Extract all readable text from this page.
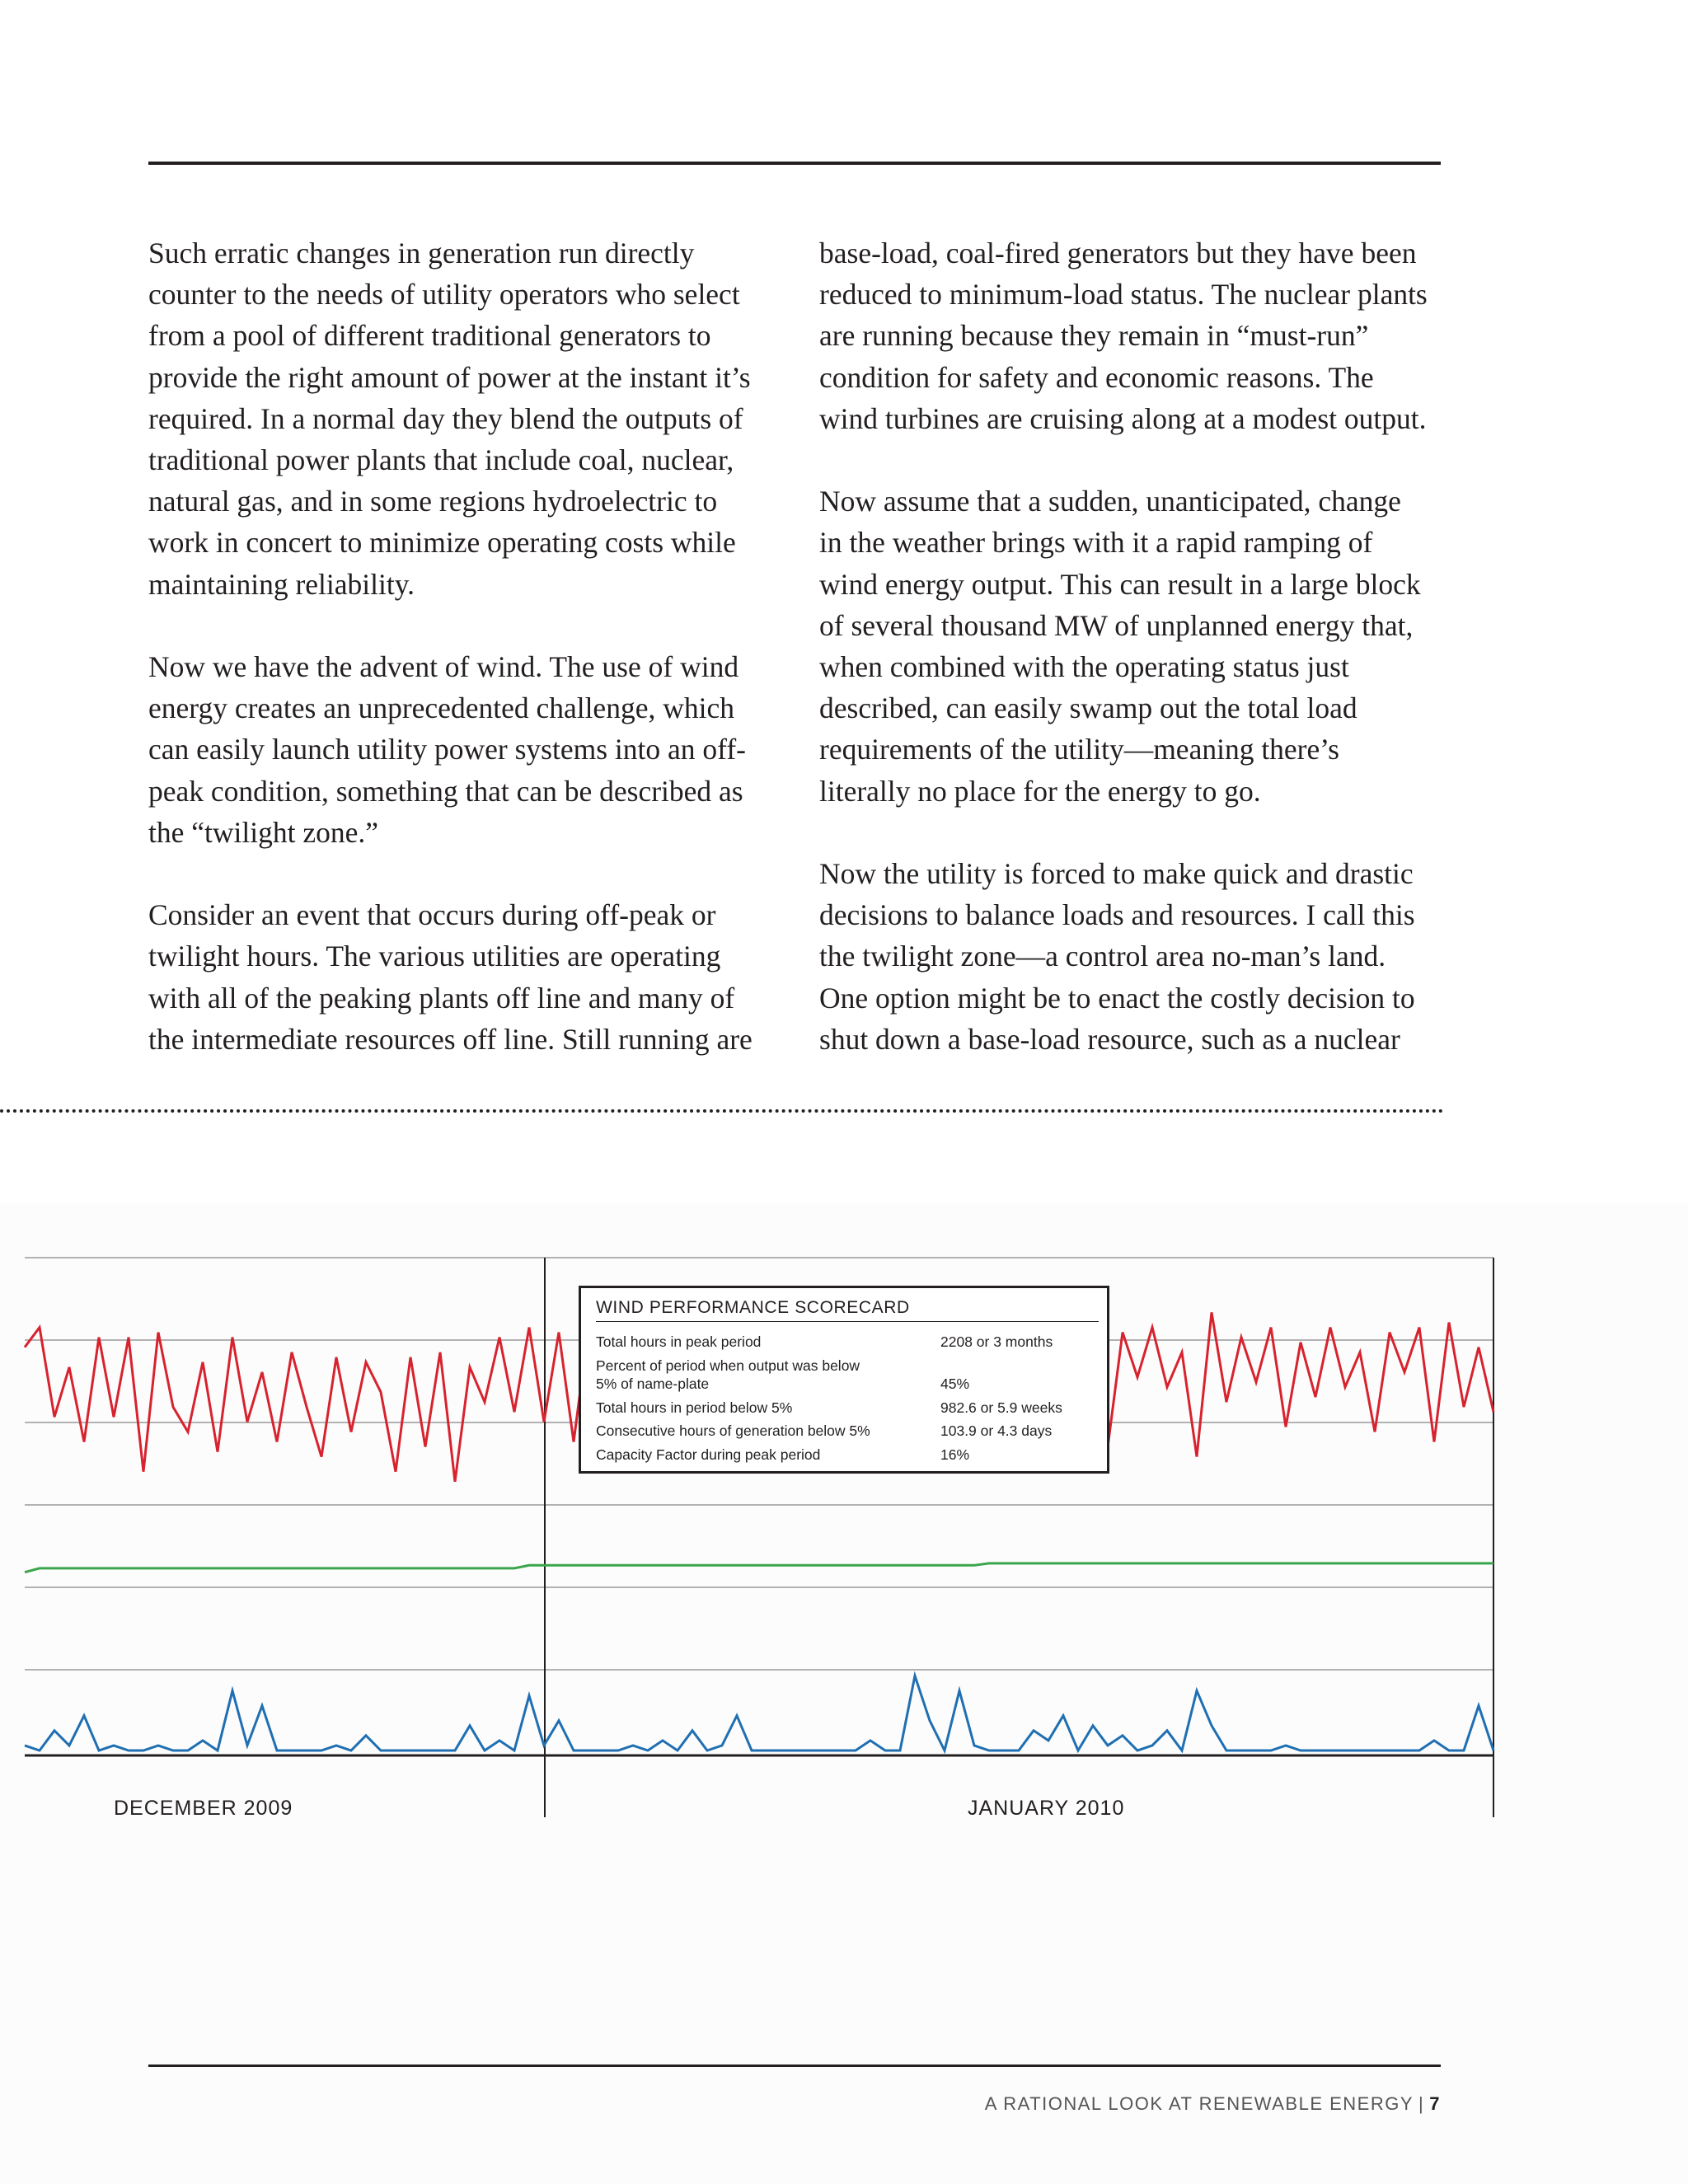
Such erratic changes in generation run directly counter to the needs of utility operators who select from a pool of different traditional generators to provide the right amount of power at the instant it’s required. In a normal day they blend the outputs of traditional power plants that include coal, nuclear, natural gas, and in some regions hydroelectric to work in concert to minimize operating costs while maintaining reliability.

Now we have the advent of wind. The use of wind energy creates an unprecedented challenge, which can easily launch utility power systems into an off-peak condition, something that can be described as the “twilight zone.”

Consider an event that occurs during off-peak or twilight hours. The various utilities are operating with all of the peaking plants off line and many of the intermediate resources off line. Still running are

base-load, coal-fired generators but they have been reduced to minimum-load status. The nuclear plants are running because they remain in “must-run” condition for safety and economic reasons. The wind turbines are cruising along at a modest output.

Now assume that a sudden, unanticipated, change in the weather brings with it a rapid ramping of wind energy output. This can result in a large block of several thousand MW of unplanned energy that, when combined with the operating status just described, can easily swamp out the total load requirements of the utility—meaning there’s literally no place for the energy to go.

Now the utility is forced to make quick and drastic decisions to balance loads and resources. I call this the twilight zone—a control area no-man’s land. One option might be to enact the costly decision to shut down a base-load resource, such as a nuclear

DECEMBER 2009	JANUARY 2010
WIND PERFORMANCE SCORECARD
Total hours in peak period	2208 or 3 months
Percent of period when output was below
5% of name-plate	45%
Total hours in period below 5%	982.6 or 5.9 weeks
Consecutive hours of generation below 5%	103.9 or 4.3 days
Capacity Factor during peak period	16%
A RATIONAL LOOK AT RENEWABLE ENERGY | 7
